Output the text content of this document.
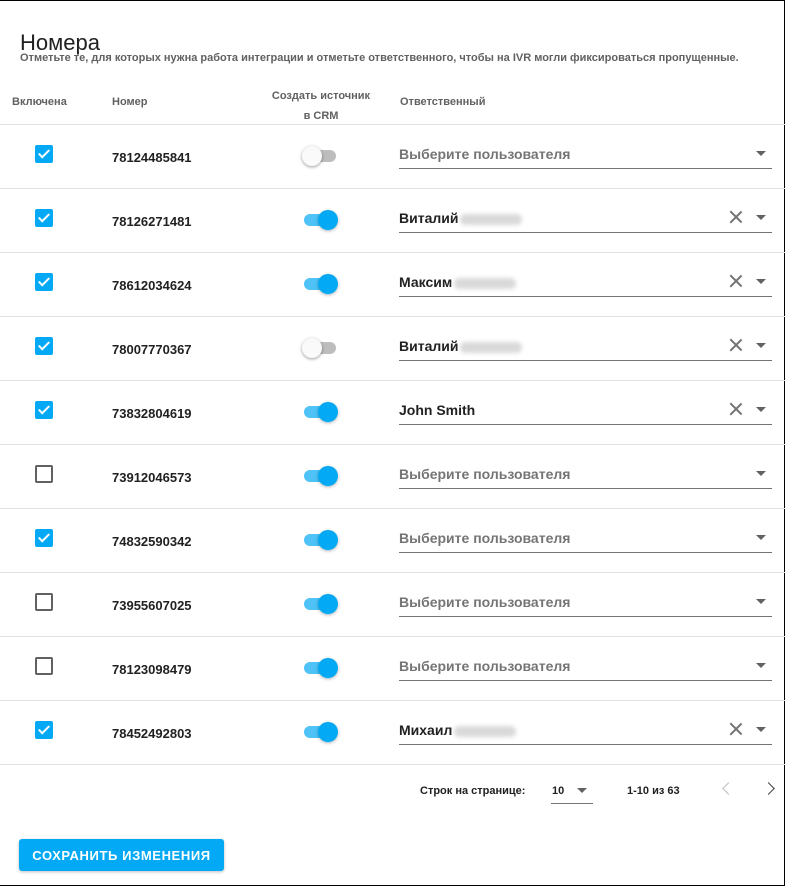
Номера
Отметьте те, для которых нужна работа интеграции и отметьте ответственного, чтобы на IVR могли фиксироваться пропущенные.
Включена	Номер	Создать источник
в CRM
Ответственный
78124485841	Выберите пользователя
78126271481	Виталий
78612034624	Максим
78007770367	Виталий
73832804619	John Smith
73912046573	Выберите пользователя
74832590342	Выберите пользователя
73955607025	Выберите пользователя
78123098479	Выберите пользователя
78452492803	Михаил
Строк на странице: 10	1-10 из 63
СОХРАНИТЬ ИЗМЕНЕНИЯ
